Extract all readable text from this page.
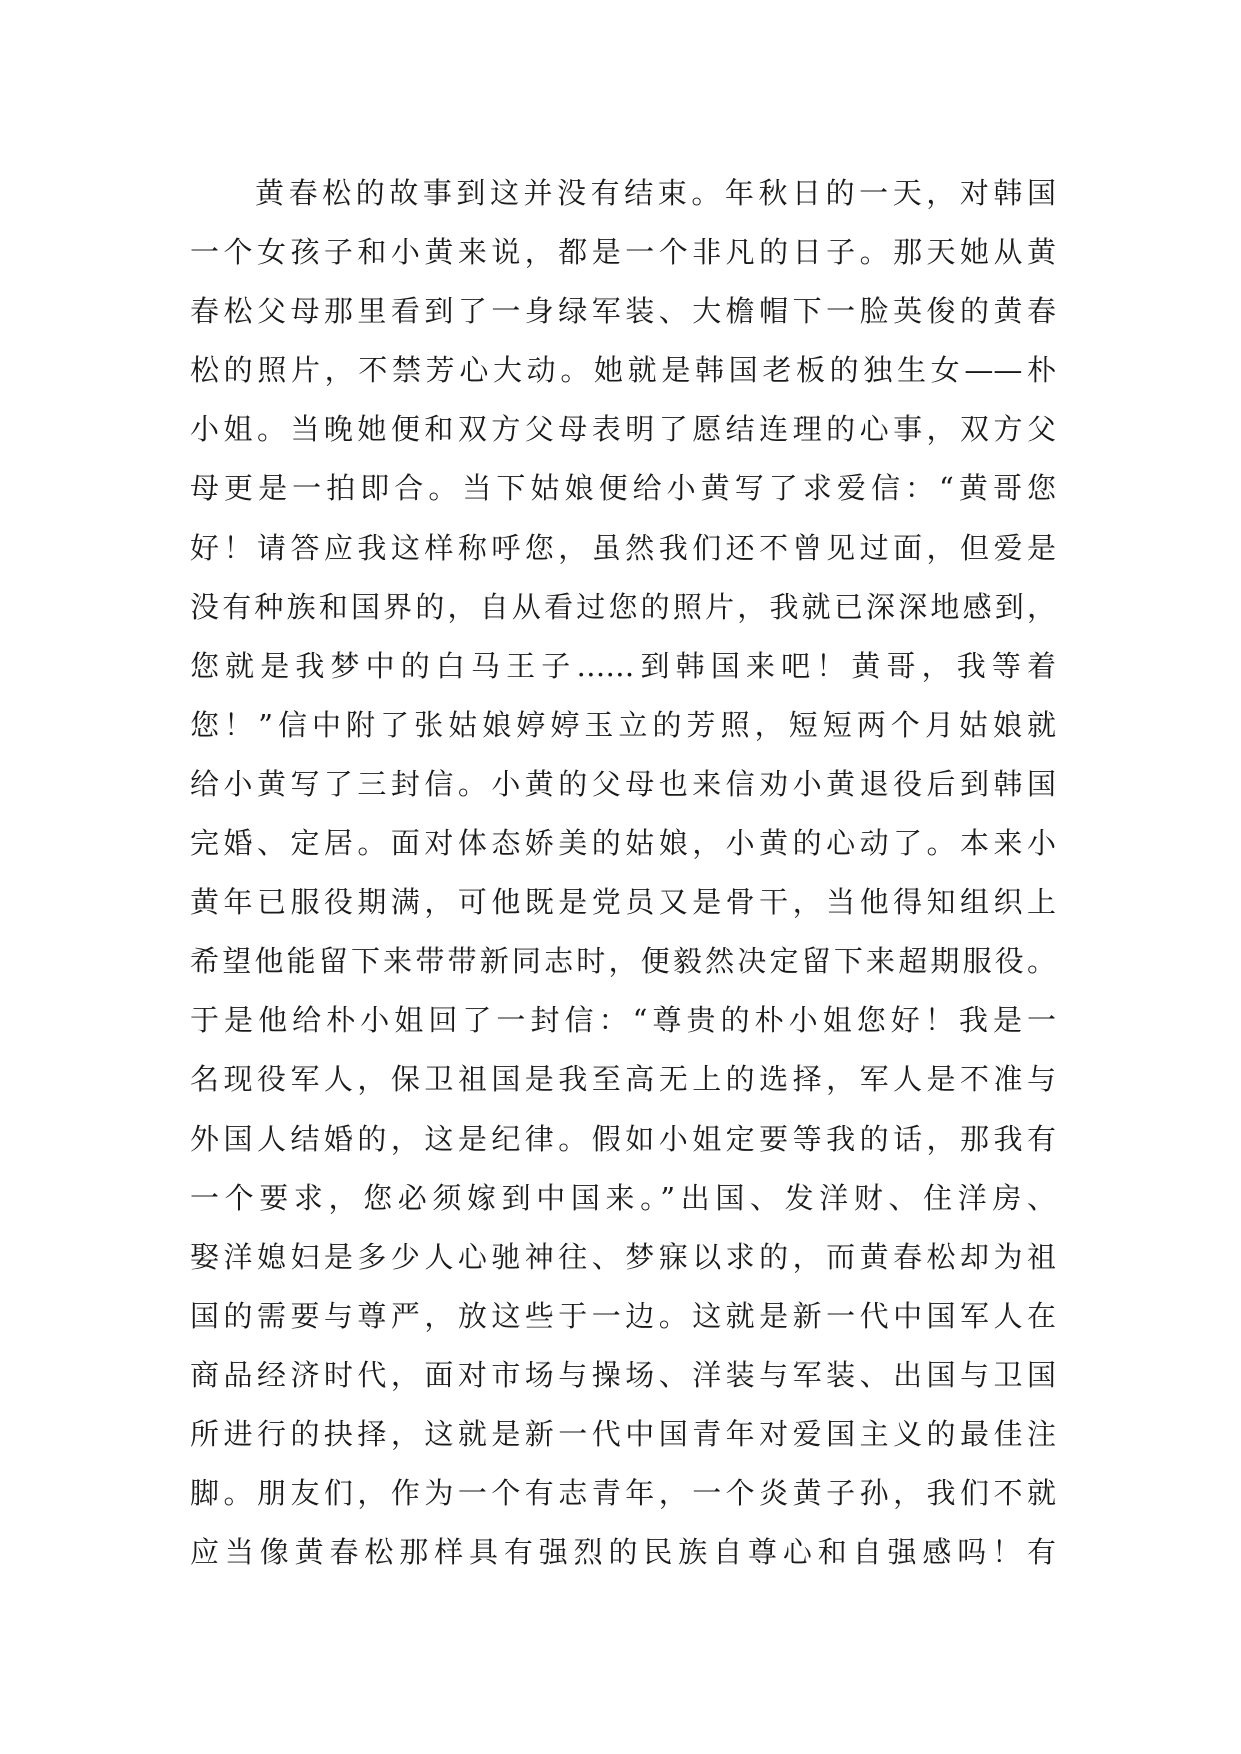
黄春松的故事到这并没有结束。年秋日的一天，对韩国
一个女孩子和小黄来说，都是一个非凡的日子。那天她从黄
春松父母那里看到了一身绿军装、大檐帽下一脸英俊的黄春
松的照片，不禁芳心大动。她就是韩国老板的独生女——朴
小姐。当晚她便和双方父母表明了愿结连理的心事，双方父
母更是一拍即合。当下姑娘便给小黄写了求爱信：“黄哥您
好！请答应我这样称呼您，虽然我们还不曾见过面，但爱是
没有种族和国界的，自从看过您的照片，我就已深深地感到，
您就是我梦中的白马王子……到韩国来吧！黄哥，我等着
您！”信中附了张姑娘婷婷玉立的芳照，短短两个月姑娘就
给小黄写了三封信。小黄的父母也来信劝小黄退役后到韩国
完婚、定居。面对体态娇美的姑娘，小黄的心动了。本来小
黄年已服役期满，可他既是党员又是骨干，当他得知组织上
希望他能留下来带带新同志时，便毅然决定留下来超期服役。
于是他给朴小姐回了一封信：“尊贵的朴小姐您好！我是一
名现役军人，保卫祖国是我至高无上的选择，军人是不准与
外国人结婚的，这是纪律。假如小姐定要等我的话，那我有
一个要求，您必须嫁到中国来。”出国、发洋财、住洋房、
娶洋媳妇是多少人心驰神往、梦寐以求的，而黄春松却为祖
国的需要与尊严，放这些于一边。这就是新一代中国军人在
商品经济时代，面对市场与操场、洋装与军装、出国与卫国
所进行的抉择，这就是新一代中国青年对爱国主义的最佳注
脚。朋友们，作为一个有志青年，一个炎黄子孙，我们不就
应当像黄春松那样具有强烈的民族自尊心和自强感吗！有
